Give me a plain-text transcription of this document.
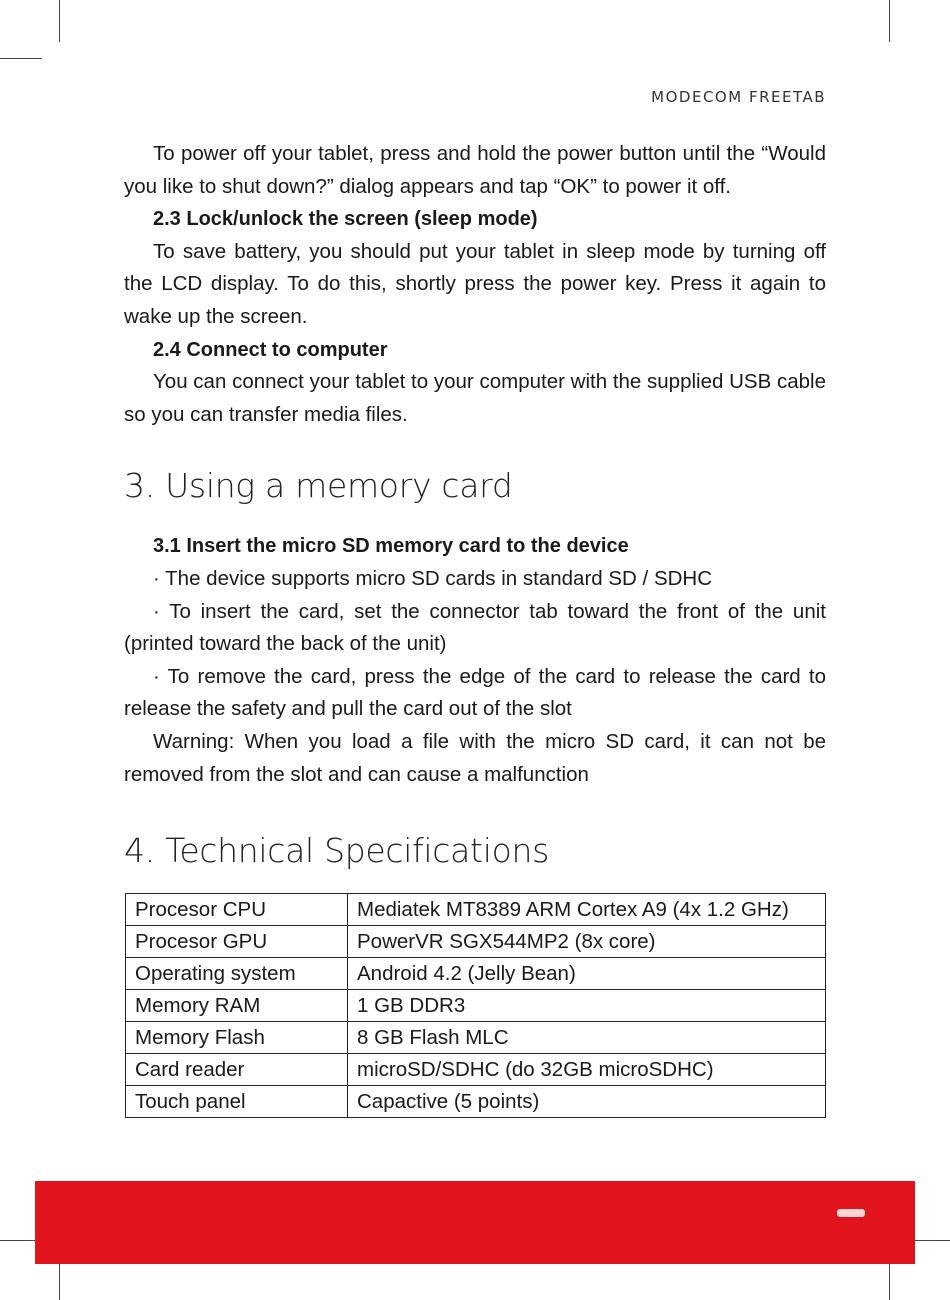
MODECOM FREETAB

To power off your tablet, press and hold the power button until the “Would you like to shut down?” dialog appears and tap “OK” to power it off.

2.3 Lock/unlock the screen (sleep mode)

To save battery, you should put your tablet in sleep mode by turning off the LCD display. To do this, shortly press the power key. Press it again to wake up the screen.

2.4 Connect to computer

You can connect your tablet to your computer with the supplied USB cable so you can transfer media files.

3. Using a memory card

3.1 Insert the micro SD memory card to the device

· The device supports micro SD cards in standard SD / SDHC

· To insert the card, set the connector tab toward the front of the unit (printed toward the back of the unit)

· To remove the card, press the edge of the card to release the card to release the safety and pull the card out of the slot

Warning: When you load a file with the micro SD card, it can not be removed from the slot and can cause a malfunction

4. Technical Specifications
Procesor CPU	Mediatek MT8389 ARM Cortex A9 (4x 1.2 GHz)
Procesor GPU	PowerVR SGX544MP2 (8x core)
Operating system	Android 4.2 (Jelly Bean)
Memory RAM	1 GB DDR3
Memory Flash	8 GB Flash MLC
Card reader	microSD/SDHC (do 32GB microSDHC)
Touch panel	Capactive (5 points)
